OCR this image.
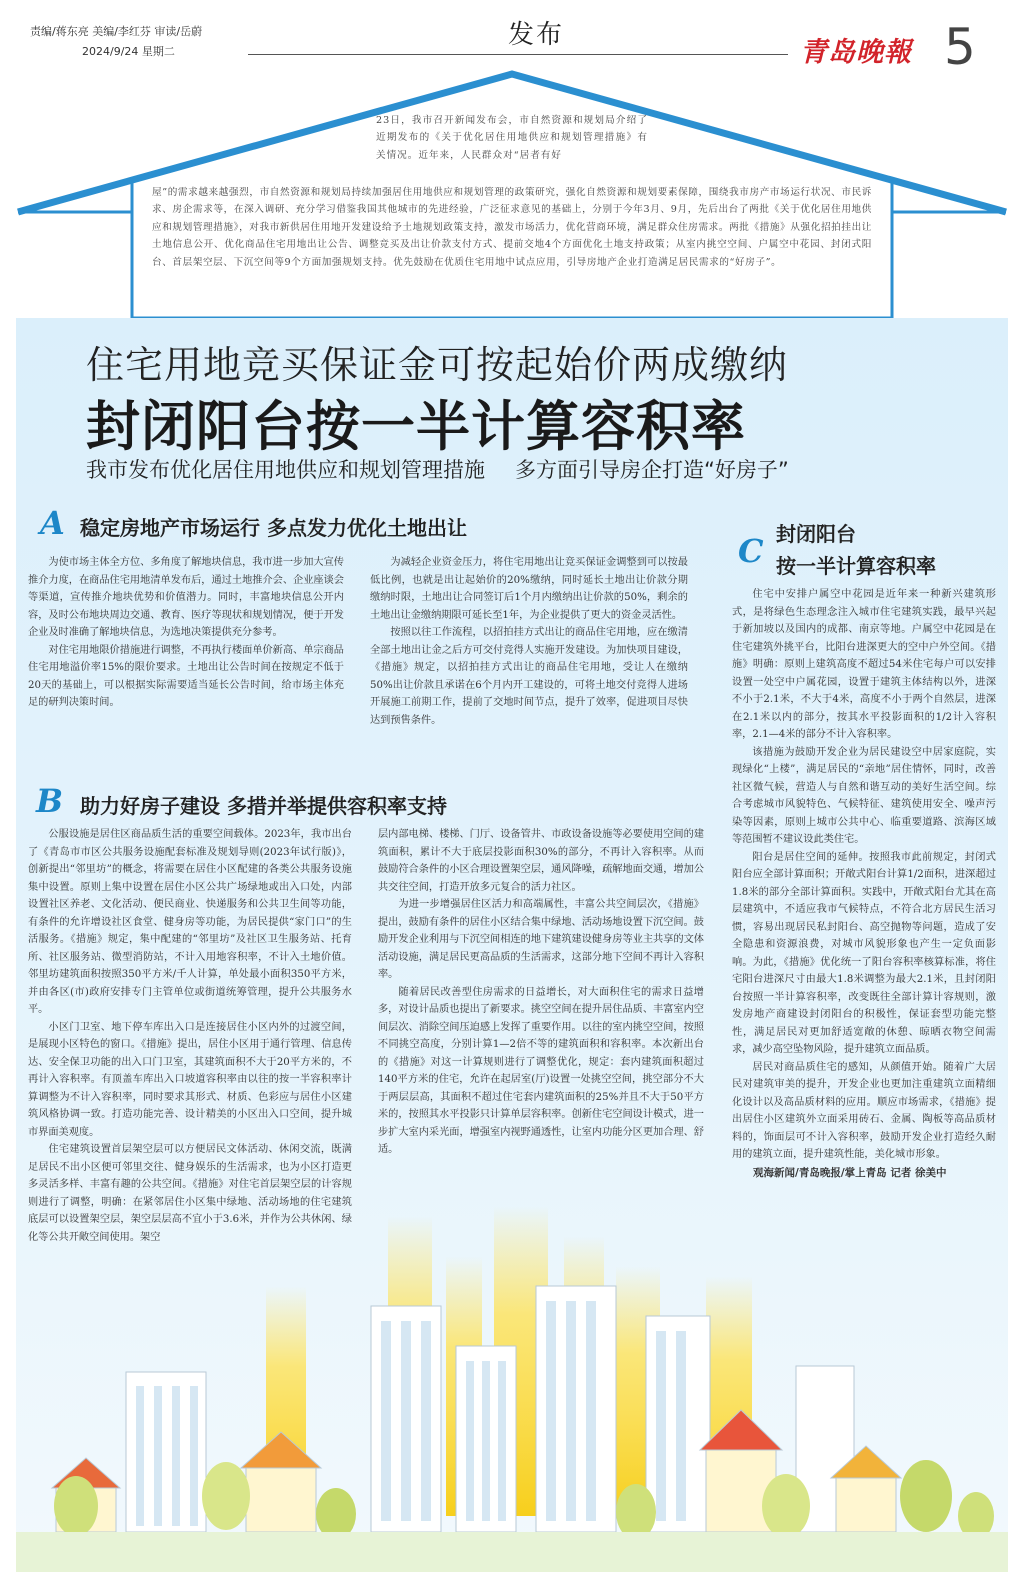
责编/蒋东亮 美编/李红芬 审读/岳蔚
2024/9/24 星期二
发布
青岛晚報 5
23日，我市召开新闻发布会，市自然资源和规划局介绍了近期发布的《关于优化居住用地供应和规划管理措施》有关情况。近年来，人民群众对“居者有好
屋”的需求越来越强烈，市自然资源和规划局持续加强居住用地供应和规划管理的政策研究，强化自然资源和规划要素保障，围绕我市房产市场运行状况、市民诉求、房企需求等，在深入调研、充分学习借鉴我国其他城市的先进经验，广泛征求意见的基础上，分别于今年3月、9月，先后出台了两批《关于优化居住用地供应和规划管理措施》，对我市新供居住用地开发建设给予土地规划政策支持，激发市场活力，优化营商环境，满足群众住房需求。两批《措施》从强化招拍挂出让土地信息公开、优化商品住宅用地出让公告、调整竞买及出让价款支付方式、提前交地4个方面优化土地支持政策；从室内挑空空间、户属空中花园、封闭式阳台、首层架空层、下沉空间等9个方面加强规划支持。优先鼓励在优质住宅用地中试点应用，引导房地产企业打造满足居民需求的“好房子”。
住宅用地竞买保证金可按起始价两成缴纳
封闭阳台按一半计算容积率
我市发布优化居住用地供应和规划管理措施 多方面引导房企打造“好房子”
A 稳定房地产市场运行 多点发力优化土地出让

为使市场主体全方位、多角度了解地块信息，我市进一步加大宣传推介力度，在商品住宅用地清单发布后，通过土地推介会、企业座谈会等渠道，宣传推介地块优势和价值潜力。同时，丰富地块信息公开内容，及时公布地块周边交通、教育、医疗等现状和规划情况，便于开发企业及时准确了解地块信息，为选地决策提供充分参考。

对住宅用地限价措施进行调整，不再执行楼面单价新高、单宗商品住宅用地溢价率15%的限价要求。土地出让公告时间在按规定不低于20天的基础上，可以根据实际需要适当延长公告时间，给市场主体充足的研判决策时间。

为减轻企业资金压力，将住宅用地出让竞买保证金调整到可以按最低比例，也就是出让起始价的20%缴纳，同时延长土地出让价款分期缴纳时限，土地出让合同签订后1个月内缴纳出让价款的50%，剩余的土地出让金缴纳期限可延长至1年，为企业提供了更大的资金灵活性。

按照以往工作流程，以招拍挂方式出让的商品住宅用地，应在缴清全部土地出让金之后方可交付竞得人实施开发建设。为加快项目建设，《措施》规定，以招拍挂方式出让的商品住宅用地，受让人在缴纳50%出让价款且承诺在6个月内开工建设的，可将土地交付竞得人进场开展施工前期工作，提前了交地时间节点，提升了效率，促进项目尽快达到预售条件。

B 助力好房子建设 多措并举提供容积率支持

公服设施是居住区商品质生活的重要空间载体。2023年，我市出台了《青岛市市区公共服务设施配套标准及规划导则(2023年试行版)》，创新提出“邻里坊”的概念，将需要在居住小区配建的各类公共服务设施集中设置。原则上集中设置在居住小区公共广场绿地或出入口处，内部设置社区养老、文化活动、便民商业、快递服务和公共卫生间等功能，有条件的允许增设社区食堂、健身房等功能，为居民提供“家门口”的生活服务。《措施》规定，集中配建的“邻里坊”及社区卫生服务站、托育所、社区服务站、微型消防站，不计入用地容积率，不计入土地价值。邻里坊建筑面积按照350平方米/千人计算，单处最小面积350平方米，并由各区(市)政府安排专门主管单位或街道统筹管理，提升公共服务水平。

小区门卫室、地下停车库出入口是连接居住小区内外的过渡空间，是展现小区特色的窗口。《措施》提出，居住小区用于通行管理、信息传达、安全保卫功能的出入口门卫室，其建筑面积不大于20平方米的，不再计入容积率。有顶盖车库出入口坡道容积率由以往的按一半容积率计算调整为不计入容积率，同时要求其形式、材质、色彩应与居住小区建筑风格协调一致。打造功能完善、设计精美的小区出入口空间，提升城市界面美观度。

住宅建筑设置首层架空层可以方便居民文体活动、休闲交流，既满足居民不出小区便可邻里交往、健身娱乐的生活需求，也为小区打造更多灵活多样、丰富有趣的公共空间。《措施》对住宅首层架空层的计容规则进行了调整，明确：在紧邻居住小区集中绿地、活动场地的住宅建筑底层可以设置架空层，架空层层高不宜小于3.6米，并作为公共休闲、绿化等公共开敞空间使用。架空

层内部电梯、楼梯、门厅、设备管井、市政设备设施等必要使用空间的建筑面积，累计不大于底层投影面积30%的部分，不再计入容积率。从而鼓励符合条件的小区合理设置架空层，通风降噪，疏解地面交通，增加公共交往空间，打造开放多元复合的活力社区。

为进一步增强居住区活力和高端属性，丰富公共空间层次，《措施》提出，鼓励有条件的居住小区结合集中绿地、活动场地设置下沉空间。鼓励开发企业利用与下沉空间相连的地下建筑建设健身房等业主共享的文体活动设施，满足居民更高品质的生活需求，这部分地下空间不再计入容积率。

随着居民改善型住房需求的日益增长，对大面积住宅的需求日益增多，对设计品质也提出了新要求。挑空空间在提升居住品质、丰富室内空间层次、消除空间压迫感上发挥了重要作用。以往的室内挑空空间，按照不同挑空高度，分别计算1—2倍不等的建筑面积和容积率。本次新出台的《措施》对这一计算规则进行了调整优化，规定：套内建筑面积超过140平方米的住宅，允许在起居室(厅)设置一处挑空空间，挑空部分不大于两层层高，其面积不超过住宅套内建筑面积的25%并且不大于50平方米的，按照其水平投影只计算单层容积率。创新住宅空间设计模式，进一步扩大室内采光面，增强室内视野通透性，让室内功能分区更加合理、舒适。

C 封闭阳台
按一半计算容积率

住宅中安排户属空中花园是近年来一种新兴建筑形式，是将绿色生态理念注入城市住宅建筑实践，最早兴起于新加坡以及国内的成都、南京等地。户属空中花园是在住宅建筑外挑平台，比阳台进深更大的空中户外空间。《措施》明确：原则上建筑高度不超过54米住宅每户可以安排设置一处空中户属花园，设置于建筑主体结构以外，进深不小于2.1米，不大于4米，高度不小于两个自然层，进深在2.1米以内的部分，按其水平投影面积的1/2计入容积率，2.1—4米的部分不计入容积率。

该措施为鼓励开发企业为居民建设空中居家庭院，实现绿化“上楼”，满足居民的“亲地”居住情怀，同时，改善社区微气候，营造人与自然和谐互动的美好生活空间。综合考虑城市风貌特色、气候特征、建筑使用安全、噪声污染等因素，原则上城市公共中心、临重要道路、滨海区域等范围暂不建议设此类住宅。

阳台是居住空间的延伸。按照我市此前规定，封闭式阳台应全部计算面积；开敞式阳台计算1/2面积，进深超过1.8米的部分全部计算面积。实践中，开敞式阳台尤其在高层建筑中，不适应我市气候特点，不符合北方居民生活习惯，容易出现居民私封阳台、高空抛物等问题，造成了安全隐患和资源浪费，对城市风貌形象也产生一定负面影响。为此，《措施》优化统一了阳台容积率核算标准，将住宅阳台进深尺寸由最大1.8米调整为最大2.1米，且封闭阳台按照一半计算容积率，改变既往全部计算计容规则，激发房地产商建设封闭阳台的积极性，保证套型功能完整性，满足居民对更加舒适宽敞的休憩、晾晒衣物空间需求，减少高空坠物风险，提升建筑立面品质。

居民对商品质住宅的感知，从颜值开始。随着广大居民对建筑审美的提升，开发企业也更加注重建筑立面精细化设计以及高品质材料的应用。顺应市场需求，《措施》提出居住小区建筑外立面采用砖石、金属、陶板等高品质材料的，饰面层可不计入容积率，鼓励开发企业打造经久耐用的建筑立面，提升建筑性能，美化城市形象。

观海新闻/青岛晚报/掌上青岛 记者 徐美中
